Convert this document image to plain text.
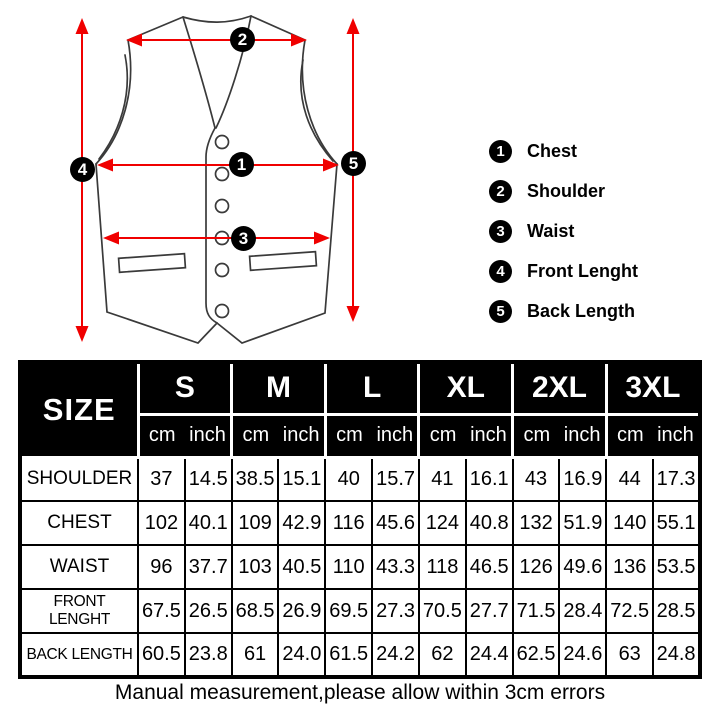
1
2
3
4	5
1	Chest
2	Shoulder
3	Waist
4	Front Lenght
5	Back Length
SIZE	S		M		L		XL		2XL		3XL	
	cm inch		cm inch		cm inch		cm inch		cm inch		cm inch	
SHOULDER	37	14.5	38.5	15.1	40	15.7	41	16.1	43	16.9	44	17.3
CHEST	102	40.1	109	42.9	116	45.6	124	40.8	132	51.9	140	55.1
WAIST	96	37.7	103	40.5	110	43.3	118	46.5	126	49.6	136	53.5
FRONT LENGHT	67.5	26.5	68.5	26.9	69.5	27.3	70.5	27.7	71.5	28.4	72.5	28.5
BACK LENGTH	60.5	23.8	61	24.0	61.5	24.2	62	24.4	62.5	24.6	63	24.8
Manual measurement,please allow within 3cm errors
